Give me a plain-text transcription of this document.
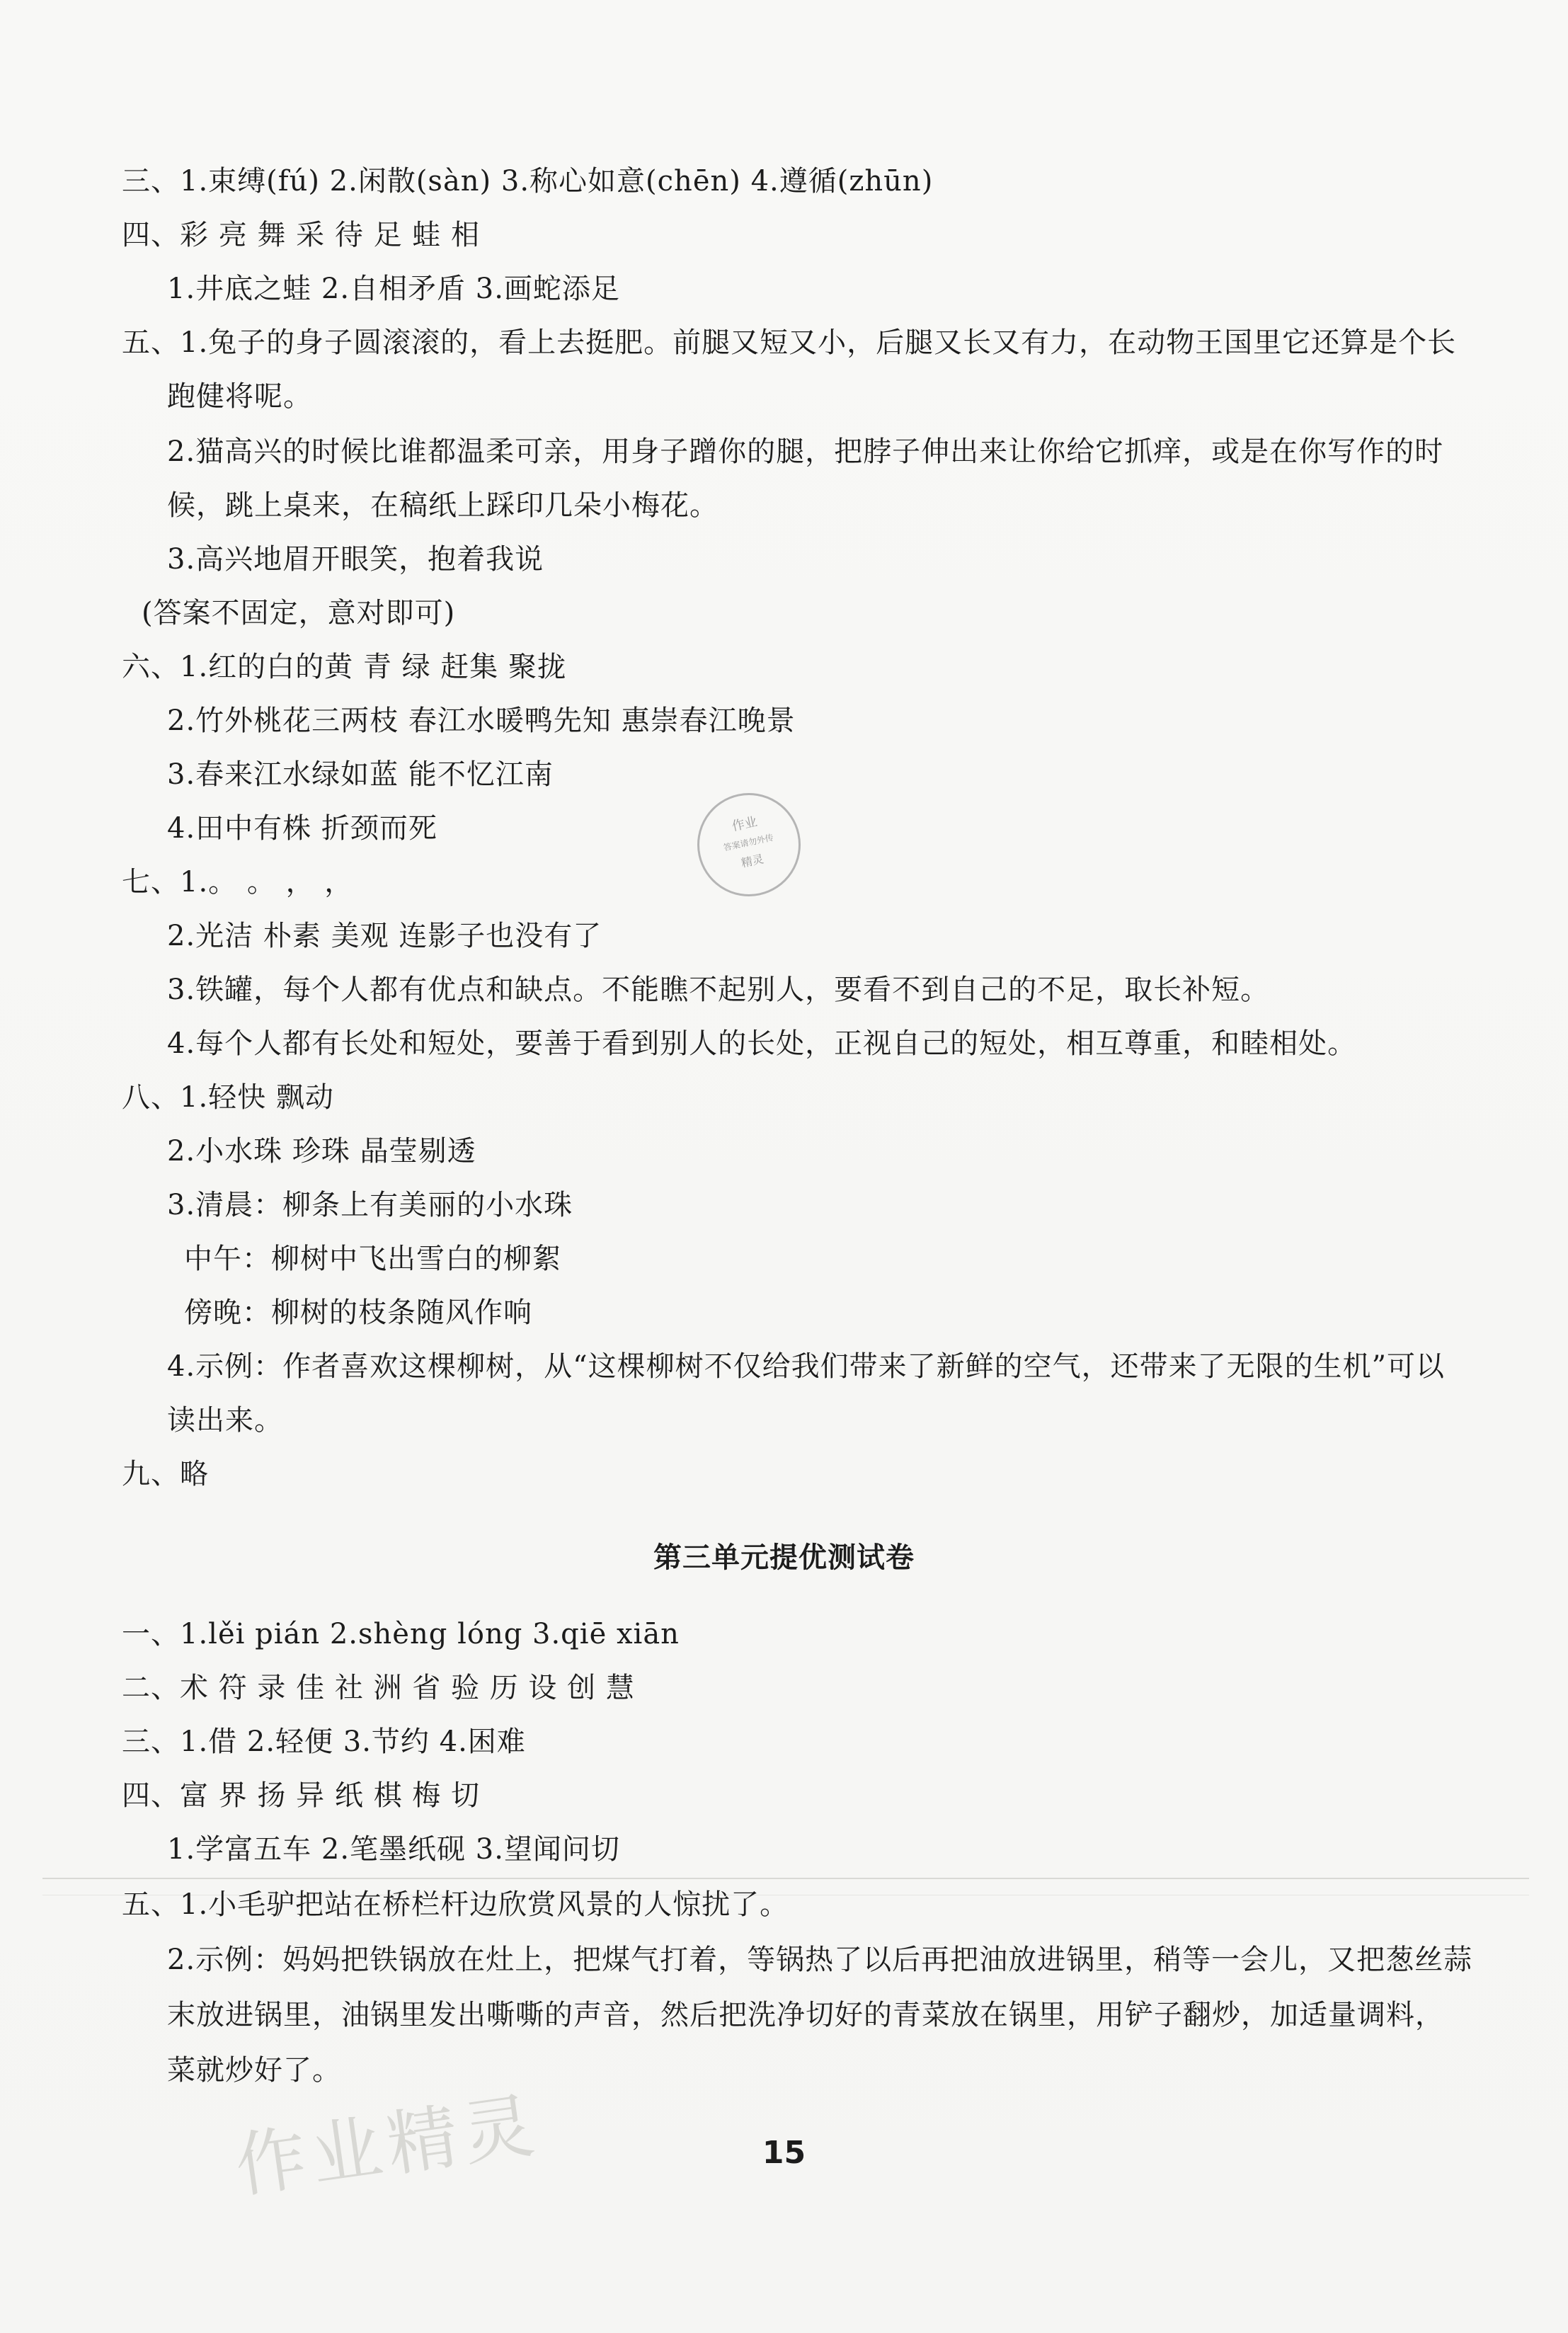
三、1.束缚(fú) 2.闲散(sàn) 3.称心如意(chēn) 4.遵循(zhūn)
四、彩 亮 舞 采 待 足 蛙 相
1.井底之蛙 2.自相矛盾 3.画蛇添足
五、1.兔子的身子圆滚滚的，看上去挺肥。前腿又短又小，后腿又长又有力，在动物王国里它还算是个长
跑健将呢。
2.猫高兴的时候比谁都温柔可亲，用身子蹭你的腿，把脖子伸出来让你给它抓痒，或是在你写作的时
候，跳上桌来，在稿纸上踩印几朵小梅花。
3.高兴地眉开眼笑，抱着我说
(答案不固定，意对即可)
六、1.红的白的黄 青 绿 赶集 聚拢
2.竹外桃花三两枝 春江水暖鸭先知 惠崇春江晚景
3.春来江水绿如蓝 能不忆江南
4.田中有株 折颈而死
七、1.。 。 ， ，
2.光洁 朴素 美观 连影子也没有了
3.铁罐，每个人都有优点和缺点。不能瞧不起别人，要看不到自己的不足，取长补短。
4.每个人都有长处和短处，要善于看到别人的长处，正视自己的短处，相互尊重，和睦相处。
八、1.轻快 飘动
2.小水珠 珍珠 晶莹剔透
3.清晨：柳条上有美丽的小水珠
中午：柳树中飞出雪白的柳絮
傍晚：柳树的枝条随风作响
4.示例：作者喜欢这棵柳树，从“这棵柳树不仅给我们带来了新鲜的空气，还带来了无限的生机”可以
读出来。
九、略
第三单元提优测试卷
一、1.lěi pián 2.shèng lóng 3.qiē xiān
二、术 符 录 佳 社 洲 省 验 历 设 创 慧
三、1.借 2.轻便 3.节约 4.困难
四、富 界 扬 异 纸 棋 梅 切
1.学富五车 2.笔墨纸砚 3.望闻问切
五、1.小毛驴把站在桥栏杆边欣赏风景的人惊扰了。
2.示例：妈妈把铁锅放在灶上，把煤气打着，等锅热了以后再把油放进锅里，稍等一会儿，又把葱丝蒜
末放进锅里，油锅里发出嘶嘶的声音，然后把洗净切好的青菜放在锅里，用铲子翻炒，加适量调料，
菜就炒好了。
作业
答案请勿外传
精灵
作业精灵	15
